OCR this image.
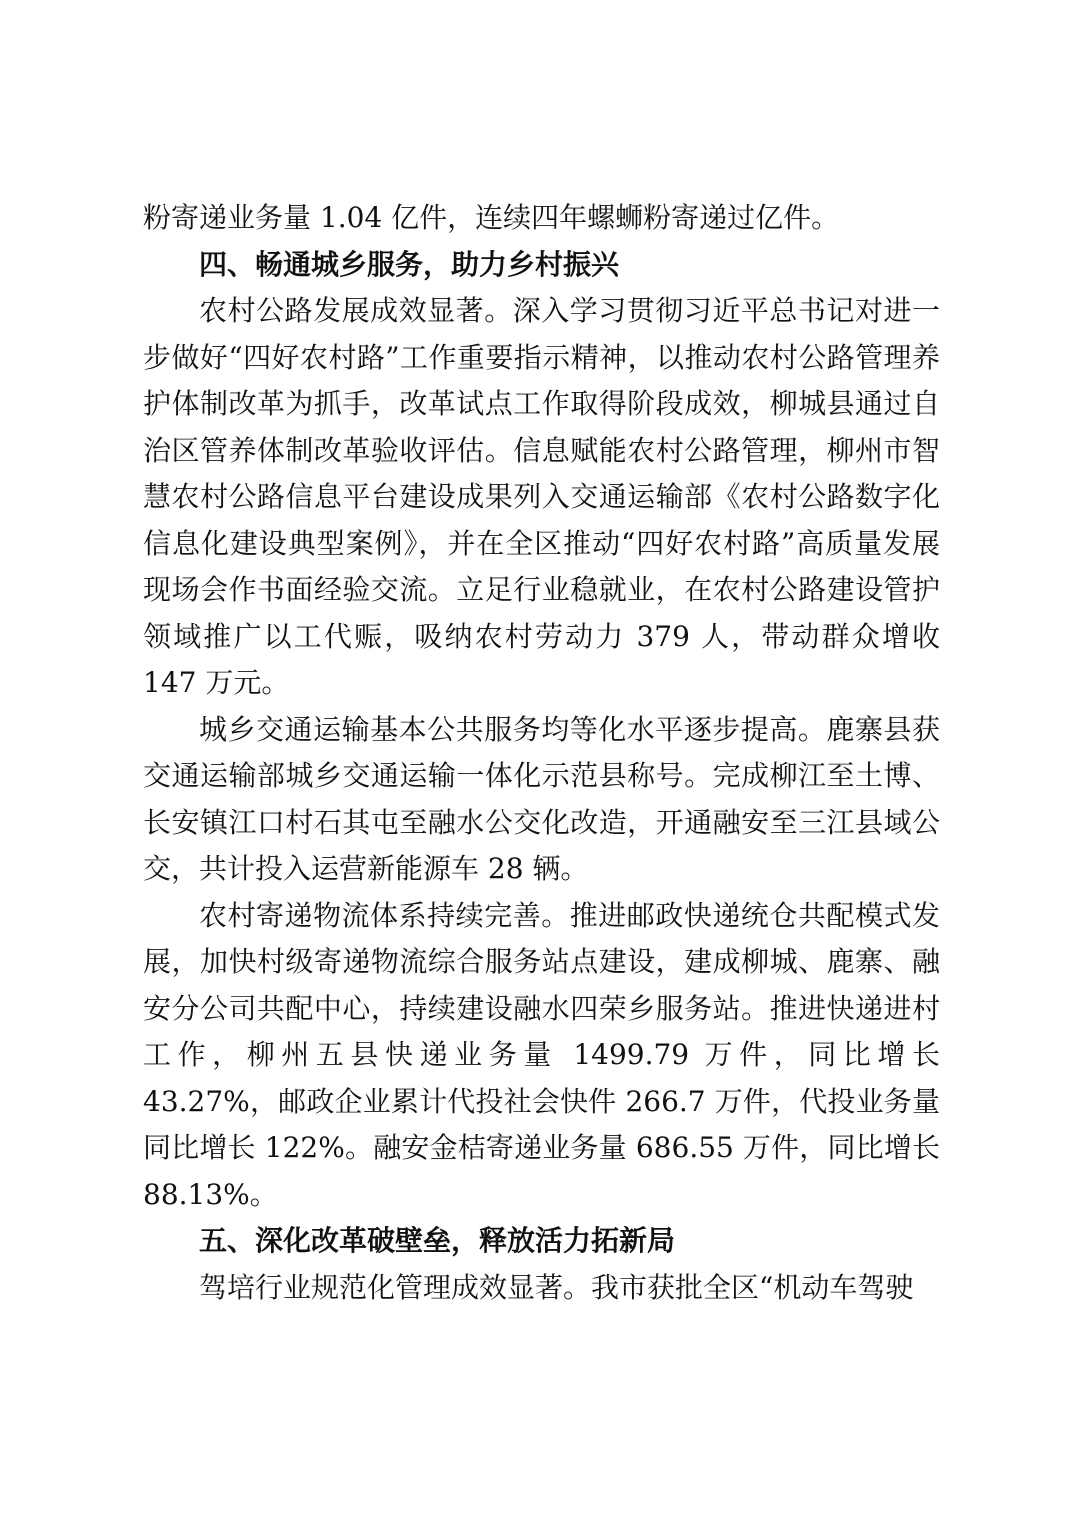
粉寄递业务量 1.04 亿件，连续四年螺蛳粉寄递过亿件。

四、畅通城乡服务，助力乡村振兴

农村公路发展成效显著。深入学习贯彻习近平总书记对进一步做好“四好农村路”工作重要指示精神，以推动农村公路管理养护体制改革为抓手，改革试点工作取得阶段成效，柳城县通过自治区管养体制改革验收评估。信息赋能农村公路管理，柳州市智慧农村公路信息平台建设成果列入交通运输部《农村公路数字化信息化建设典型案例》，并在全区推动“四好农村路”高质量发展现场会作书面经验交流。立足行业稳就业，在农村公路建设管护领域推广以工代赈，吸纳农村劳动力 379 人，带动群众增收 147 万元。

城乡交通运输基本公共服务均等化水平逐步提高。鹿寨县获交通运输部城乡交通运输一体化示范县称号。完成柳江至土博、长安镇江口村石其屯至融水公交化改造，开通融安至三江县域公交，共计投入运营新能源车 28 辆。

农村寄递物流体系持续完善。推进邮政快递统仓共配模式发展，加快村级寄递物流综合服务站点建设，建成柳城、鹿寨、融安分公司共配中心，持续建设融水四荣乡服务站。推进快递进村工作，柳州五县快递业务量 1499.79 万件，同比增长 43.27%，邮政企业累计代投社会快件 266.7 万件，代投业务量同比增长 122%。融安金桔寄递业务量 686.55 万件，同比增长 88.13%。

五、深化改革破壁垒，释放活力拓新局

驾培行业规范化管理成效显著。我市获批全区“机动车驾驶
